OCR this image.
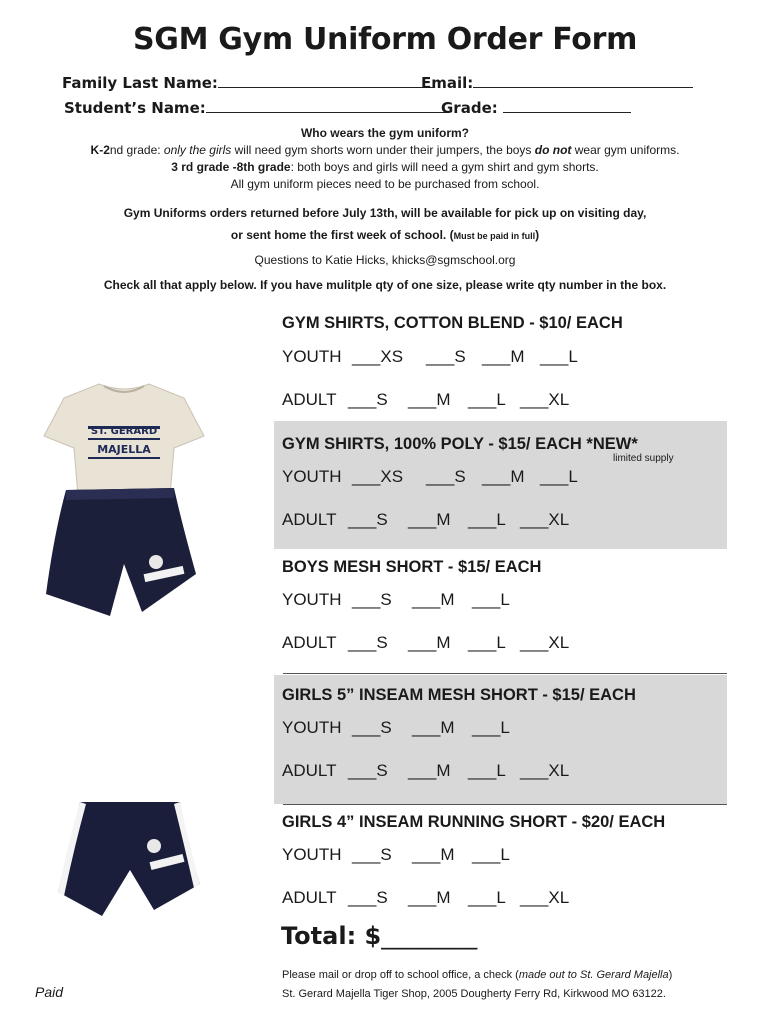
SGM Gym Uniform Order Form
Family Last Name:	Email:
Student’s Name:	Grade:
Who wears the gym uniform?
K-2nd grade: only the girls will need gym shorts worn under their jumpers, the boys do not wear gym uniforms.
3 rd grade -8th grade: both boys and girls will need a gym shirt and gym shorts.
All gym uniform pieces need to be purchased from school.
Gym Uniforms orders returned before July 13th, will be available for pick up on visiting day,
or sent home the first week of school. (Must be paid in full)
Questions to Katie Hicks, khicks@sgmschool.org
Check all that apply below. If you have mulitple qty of one size, please write qty number in the box.
GYM SHIRTS, COTTON BLEND - $10/ EACH
YOUTH ___XS ___S ___M ___L
ADULT ___S ___M ___L ___XL
GYM SHIRTS, 100% POLY - $15/ EACH *NEW*
limited supply
YOUTH ___XS ___S ___M ___L
ADULT ___S ___M ___L ___XL
BOYS MESH SHORT - $15/ EACH
YOUTH ___S ___M ___L
ADULT ___S ___M ___L ___XL
GIRLS 5” INSEAM MESH SHORT - $15/ EACH
YOUTH ___S ___M ___L
ADULT ___S ___M ___L ___XL
GIRLS 4” INSEAM RUNNING SHORT - $20/ EACH
YOUTH ___S ___M ___L
ADULT ___S ___M ___L ___XL
Total: $________
Please mail or drop off to school office, a check (made out to St. Gerard Majella)
St. Gerard Majella Tiger Shop, 2005 Dougherty Ferry Rd, Kirkwood MO 63122.
Paid
ST. GERARD
MAJELLA
